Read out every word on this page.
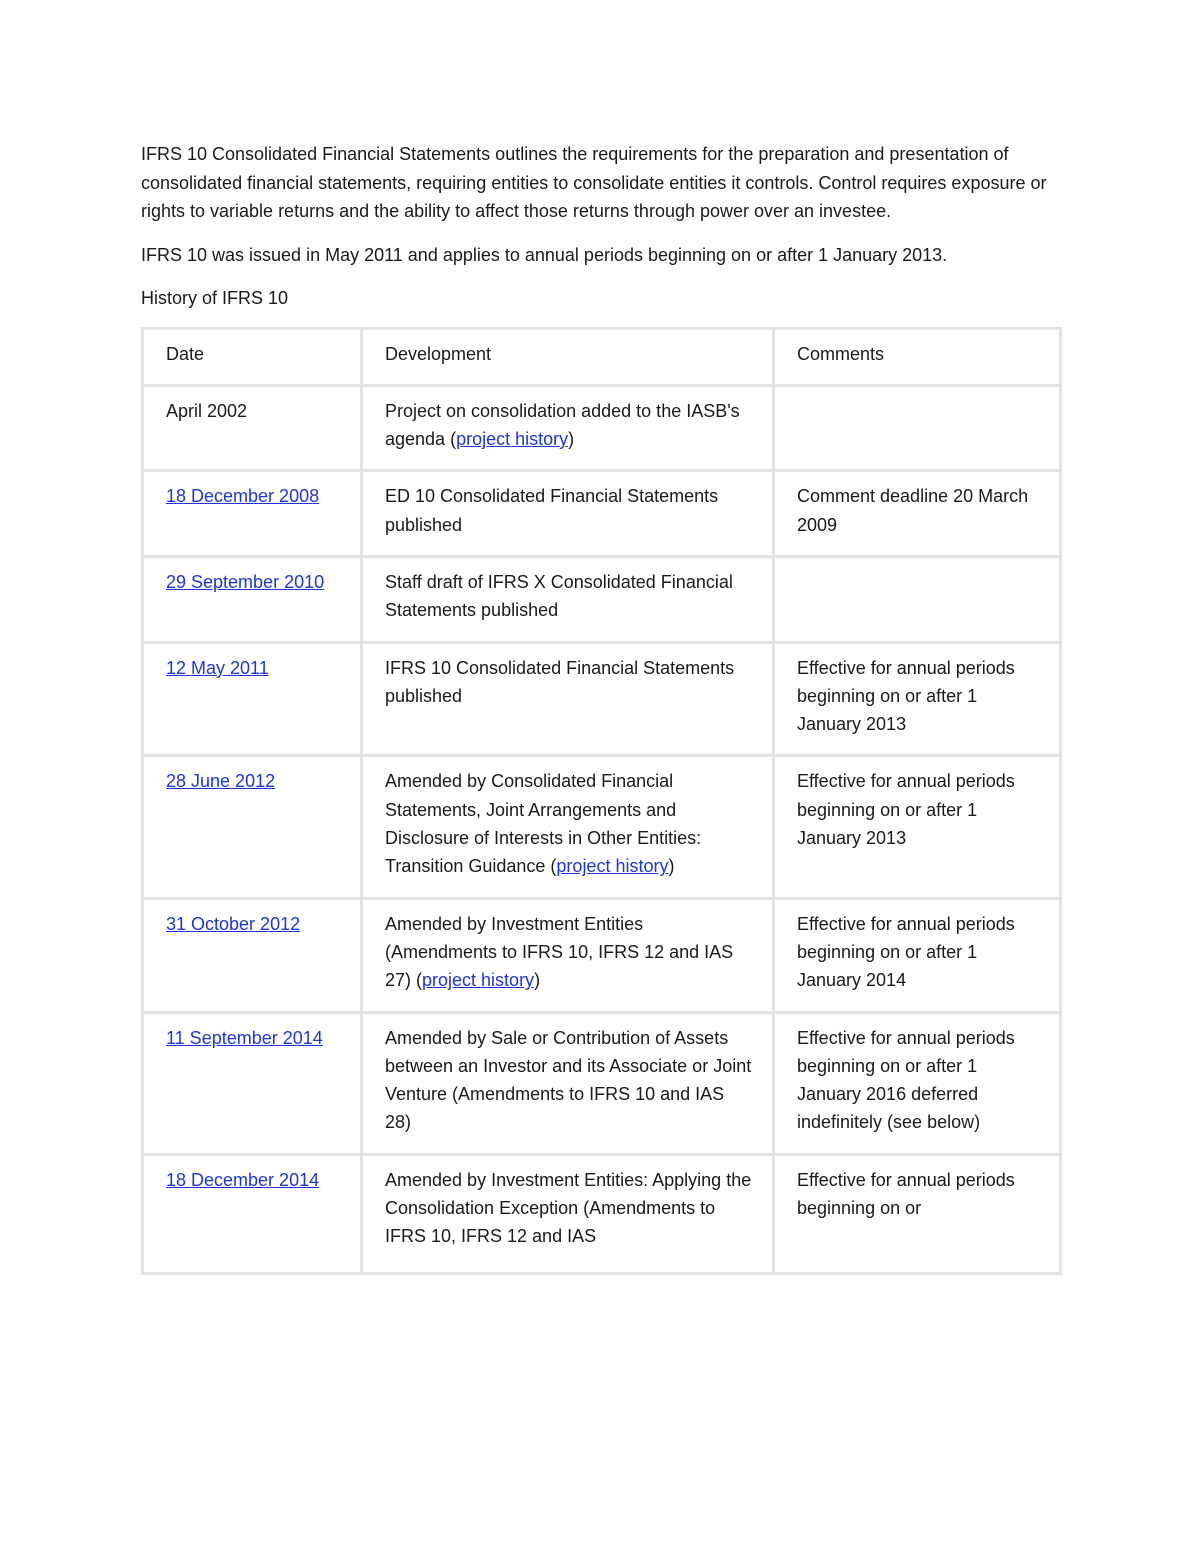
IFRS 10 Consolidated Financial Statements outlines the requirements for the preparation and presentation of consolidated financial statements, requiring entities to consolidate entities it controls. Control requires exposure or rights to variable returns and the ability to affect those returns through power over an investee.

IFRS 10 was issued in May 2011 and applies to annual periods beginning on or after 1 January 2013.

History of IFRS 10

Date	Development	Comments
April 2002	Project on consolidation added to the IASB's agenda (project history)	
18 December 2008	ED 10 Consolidated Financial Statements published	Comment deadline 20 March 2009
29 September 2010	Staff draft of IFRS X Consolidated Financial Statements published	
12 May 2011	IFRS 10 Consolidated Financial Statements published	Effective for annual periods beginning on or after 1 January 2013
28 June 2012	Amended by Consolidated Financial Statements, Joint Arrangements and Disclosure of Interests in Other Entities: Transition Guidance (project history)	Effective for annual periods beginning on or after 1 January 2013
31 October 2012	Amended by Investment Entities (Amendments to IFRS 10, IFRS 12 and IAS 27) (project history)	Effective for annual periods beginning on or after 1 January 2014
11 September 2014	Amended by Sale or Contribution of Assets between an Investor and its Associate or Joint Venture (Amendments to IFRS 10 and IAS 28)	Effective for annual periods beginning on or after 1 January 2016 deferred indefinitely (see below)
18 December 2014	Amended by Investment Entities: Applying the Consolidation Exception (Amendments to IFRS 10, IFRS 12 and IAS	Effective for annual periods beginning on or
